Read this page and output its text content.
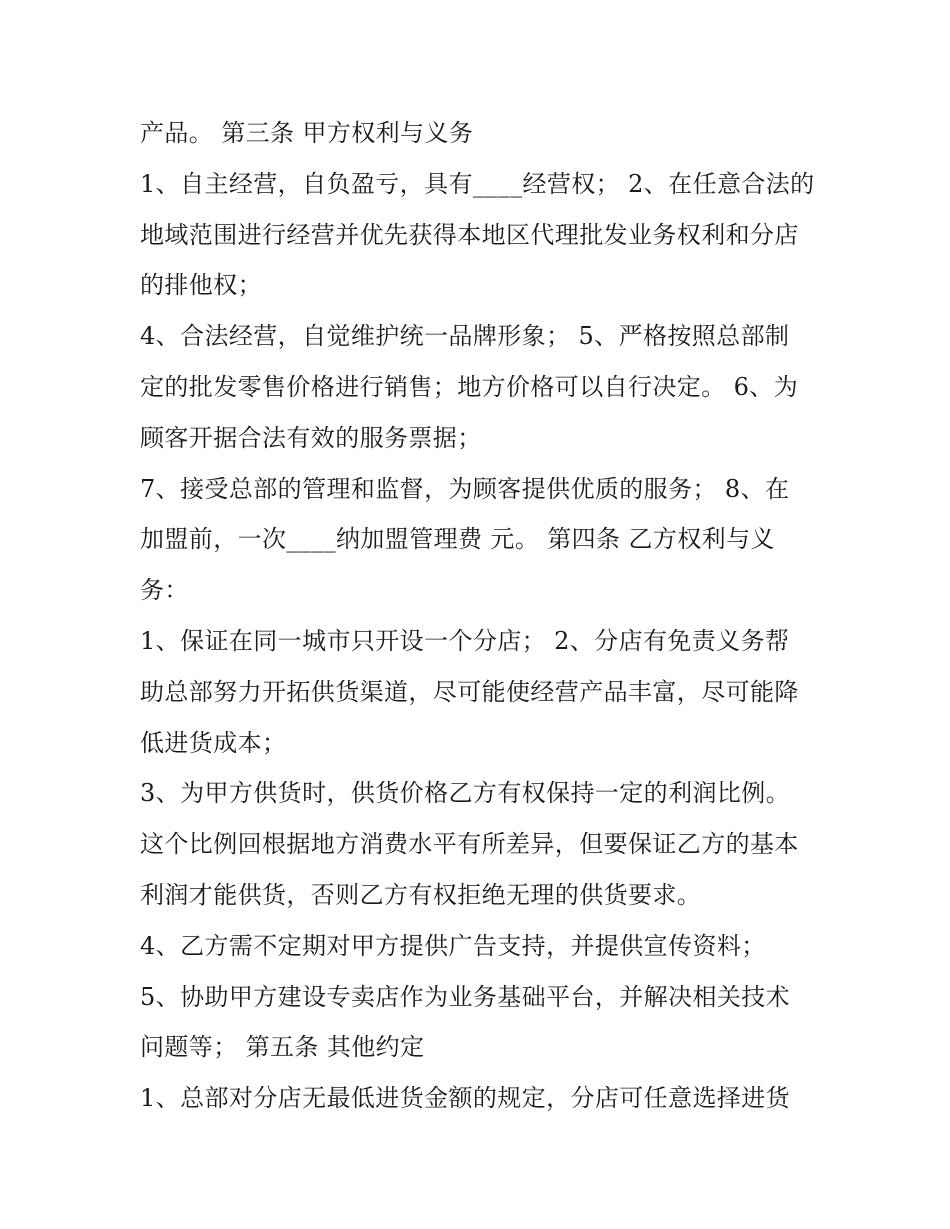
产品。 第三条 甲方权利与义务
1、自主经营，自负盈亏，具有____经营权； 2、在任意合法的
地域范围进行经营并优先获得本地区代理批发业务权利和分店
的排他权；
4、合法经营，自觉维护统一品牌形象； 5、严格按照总部制
定的批发零售价格进行销售；地方价格可以自行决定。 6、为
顾客开据合法有效的服务票据；
7、接受总部的管理和监督，为顾客提供优质的服务； 8、在
加盟前，一次____纳加盟管理费 元。 第四条 乙方权利与义
务：
1、保证在同一城市只开设一个分店； 2、分店有免责义务帮
助总部努力开拓供货渠道，尽可能使经营产品丰富，尽可能降
低进货成本；
3、为甲方供货时，供货价格乙方有权保持一定的利润比例。
这个比例回根据地方消费水平有所差异，但要保证乙方的基本
利润才能供货，否则乙方有权拒绝无理的供货要求。
4、乙方需不定期对甲方提供广告支持，并提供宣传资料；
5、协助甲方建设专卖店作为业务基础平台，并解决相关技术
问题等； 第五条 其他约定
1、总部对分店无最低进货金额的规定，分店可任意选择进货
